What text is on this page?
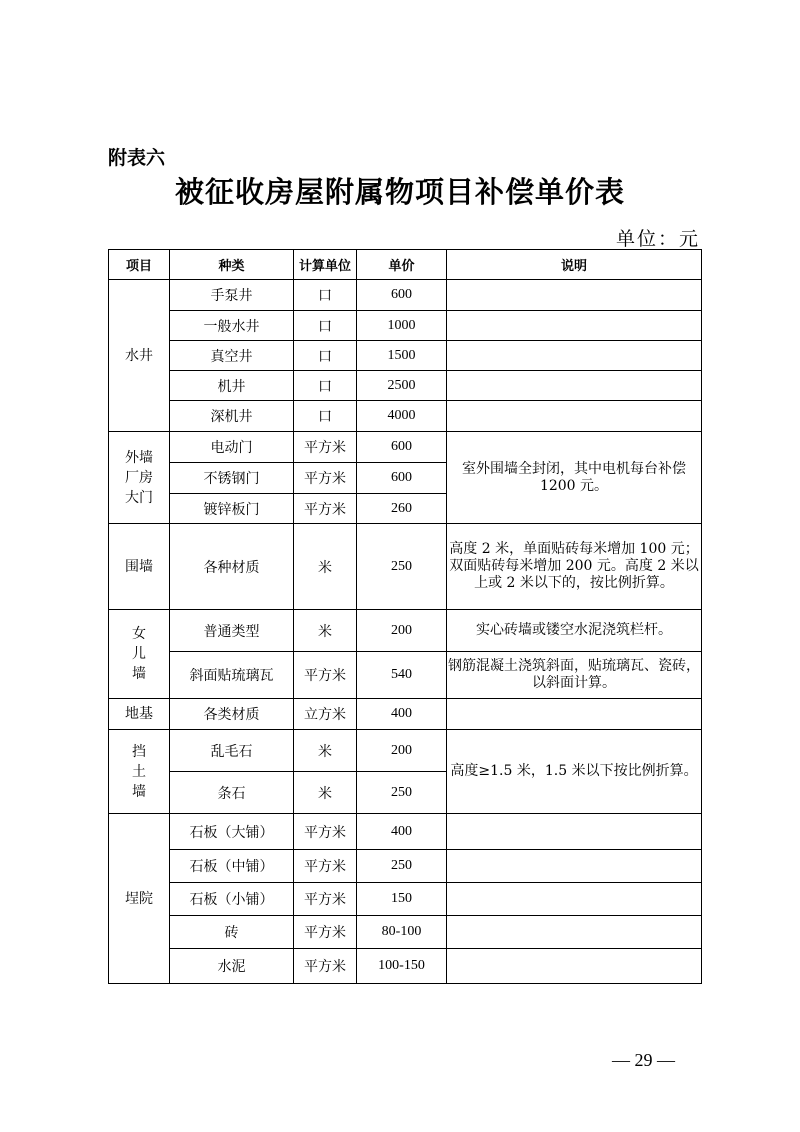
附表六
被征收房屋附属物项目补偿单价表
单位：元
项目	种类	计算单位	单价	说明
水井	手泵井	口	600	
	一般水井	口	1000	
	真空井	口	1500	
	机井	口	2500	
	深机井	口	4000	
外墙厂房大门	电动门	平方米	600	室外围墙全封闭，其中电机每台补偿 1200 元。
	不锈钢门	平方米	600	
	镀锌板门	平方米	260	
围墙	各种材质	米	250	高度 2 米，单面贴砖每米增加 100 元；双面贴砖每米增加 200 元。高度 2 米以上或 2 米以下的，按比例折算。
女儿墙	普通类型	米	200	实心砖墙或镂空水泥浇筑栏杆。
	斜面贴琉璃瓦	平方米	540	钢筋混凝土浇筑斜面，贴琉璃瓦、瓷砖，以斜面计算。
地基	各类材质	立方米	400	
挡土墙	乱毛石	米	200	高度≥1.5 米，1.5 米以下按比例折算。
	条石	米	250	
埕院	石板（大铺）	平方米	400	
	石板（中铺）	平方米	250	
	石板（小铺）	平方米	150	
	砖	平方米	80-100	
	水泥	平方米	100-150	
— 29 —
